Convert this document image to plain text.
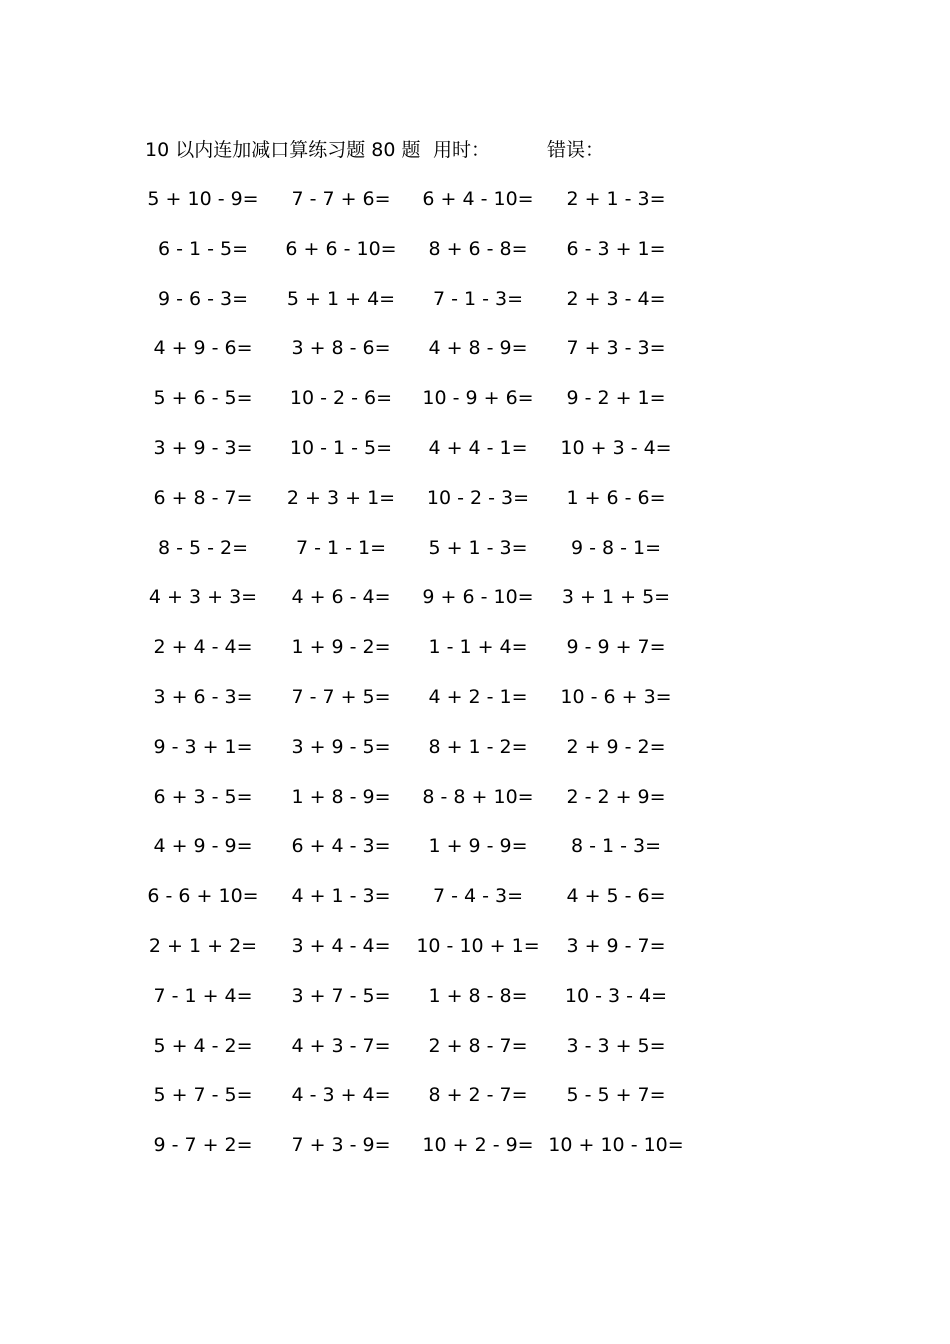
10 以内连加减口算练习题 80 题 用时：	错误：
5 + 10 - 9=	7 - 7 + 6=	6 + 4 - 10=	2 + 1 - 3=
6 - 1 - 5=	6 + 6 - 10=	8 + 6 - 8=	6 - 3 + 1=
9 - 6 - 3=	5 + 1 + 4=	7 - 1 - 3=	2 + 3 - 4=
4 + 9 - 6=	3 + 8 - 6=	4 + 8 - 9=	7 + 3 - 3=
5 + 6 - 5=	10 - 2 - 6=	10 - 9 + 6=	9 - 2 + 1=
3 + 9 - 3=	10 - 1 - 5=	4 + 4 - 1=	10 + 3 - 4=
6 + 8 - 7=	2 + 3 + 1=	10 - 2 - 3=	1 + 6 - 6=
8 - 5 - 2=	7 - 1 - 1=	5 + 1 - 3=	9 - 8 - 1=
4 + 3 + 3=	4 + 6 - 4=	9 + 6 - 10=	3 + 1 + 5=
2 + 4 - 4=	1 + 9 - 2=	1 - 1 + 4=	9 - 9 + 7=
3 + 6 - 3=	7 - 7 + 5=	4 + 2 - 1=	10 - 6 + 3=
9 - 3 + 1=	3 + 9 - 5=	8 + 1 - 2=	2 + 9 - 2=
6 + 3 - 5=	1 + 8 - 9=	8 - 8 + 10=	2 - 2 + 9=
4 + 9 - 9=	6 + 4 - 3=	1 + 9 - 9=	8 - 1 - 3=
6 - 6 + 10=	4 + 1 - 3=	7 - 4 - 3=	4 + 5 - 6=
2 + 1 + 2=	3 + 4 - 4=	10 - 10 + 1=	3 + 9 - 7=
7 - 1 + 4=	3 + 7 - 5=	1 + 8 - 8=	10 - 3 - 4=
5 + 4 - 2=	4 + 3 - 7=	2 + 8 - 7=	3 - 3 + 5=
5 + 7 - 5=	4 - 3 + 4=	8 + 2 - 7=	5 - 5 + 7=
9 - 7 + 2=	7 + 3 - 9=	10 + 2 - 9= 10 + 10 - 10=
